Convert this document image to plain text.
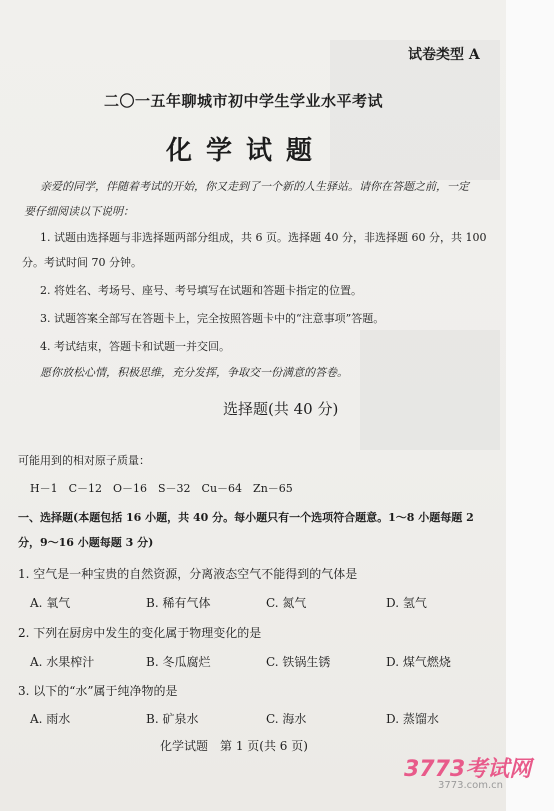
试卷类型 A
二〇一五年聊城市初中学生学业水平考试
化学试题
亲爱的同学，伴随着考试的开始，你又走到了一个新的人生驿站。请你在答题之前，一定
要仔细阅读以下说明：
1. 试题由选择题与非选择题两部分组成，共 6 页。选择题 40 分，非选择题 60 分，共 100
分。考试时间 70 分钟。
2. 将姓名、考场号、座号、考号填写在试题和答题卡指定的位置。
3. 试题答案全部写在答题卡上，完全按照答题卡中的“注意事项”答题。
4. 考试结束，答题卡和试题一并交回。
愿你放松心情，积极思维，充分发挥，争取交一份满意的答卷。
选择题(共 40 分)
可能用到的相对原子质量：
H－1　C－12　O－16　S－32　Cu－64　Zn－65
一、选择题(本题包括 16 小题，共 40 分。每小题只有一个选项符合题意。1～8 小题每题 2
分，9～16 小题每题 3 分)
1. 空气是一种宝贵的自然资源，分离液态空气不能得到的气体是
A. 氧气	B. 稀有气体	C. 氮气	D. 氢气
2. 下列在厨房中发生的变化属于物理变化的是
A. 水果榨汁	B. 冬瓜腐烂	C. 铁锅生锈	D. 煤气燃烧
3. 以下的“水”属于纯净物的是
A. 雨水	B. 矿泉水	C. 海水	D. 蒸馏水
化学试题　第 1 页(共 6 页)
3773考试网
3773.com.cn
